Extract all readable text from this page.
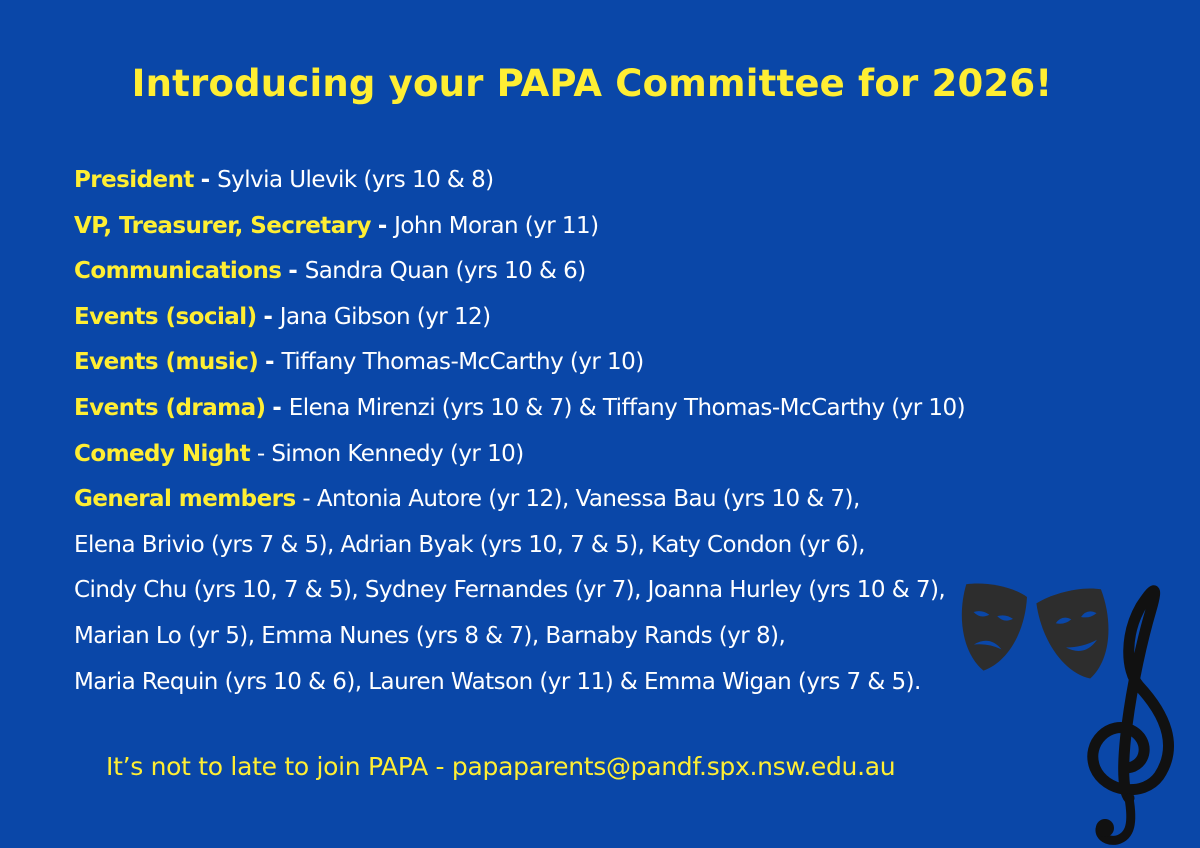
Introducing your PAPA Committee for 2026!
President - Sylvia Ulevik (yrs 10 & 8)
VP, Treasurer, Secretary - John Moran (yr 11)
Communications - Sandra Quan (yrs 10 & 6)
Events (social) - Jana Gibson (yr 12)
Events (music) - Tiffany Thomas-McCarthy (yr 10)
Events (drama) - Elena Mirenzi (yrs 10 & 7) & Tiffany Thomas-McCarthy (yr 10)
Comedy Night - Simon Kennedy (yr 10)
General members - Antonia Autore (yr 12), Vanessa Bau (yrs 10 & 7),
Elena Brivio (yrs 7 & 5), Adrian Byak (yrs 10, 7 & 5), Katy Condon (yr 6),
Cindy Chu (yrs 10, 7 & 5), Sydney Fernandes (yr 7), Joanna Hurley (yrs 10 & 7),
Marian Lo (yr 5), Emma Nunes (yrs 8 & 7), Barnaby Rands (yr 8),
Maria Requin (yrs 10 & 6), Lauren Watson (yr 11) & Emma Wigan (yrs 7 & 5).
It’s not to late to join PAPA - papaparents@pandf.spx.nsw.edu.au
